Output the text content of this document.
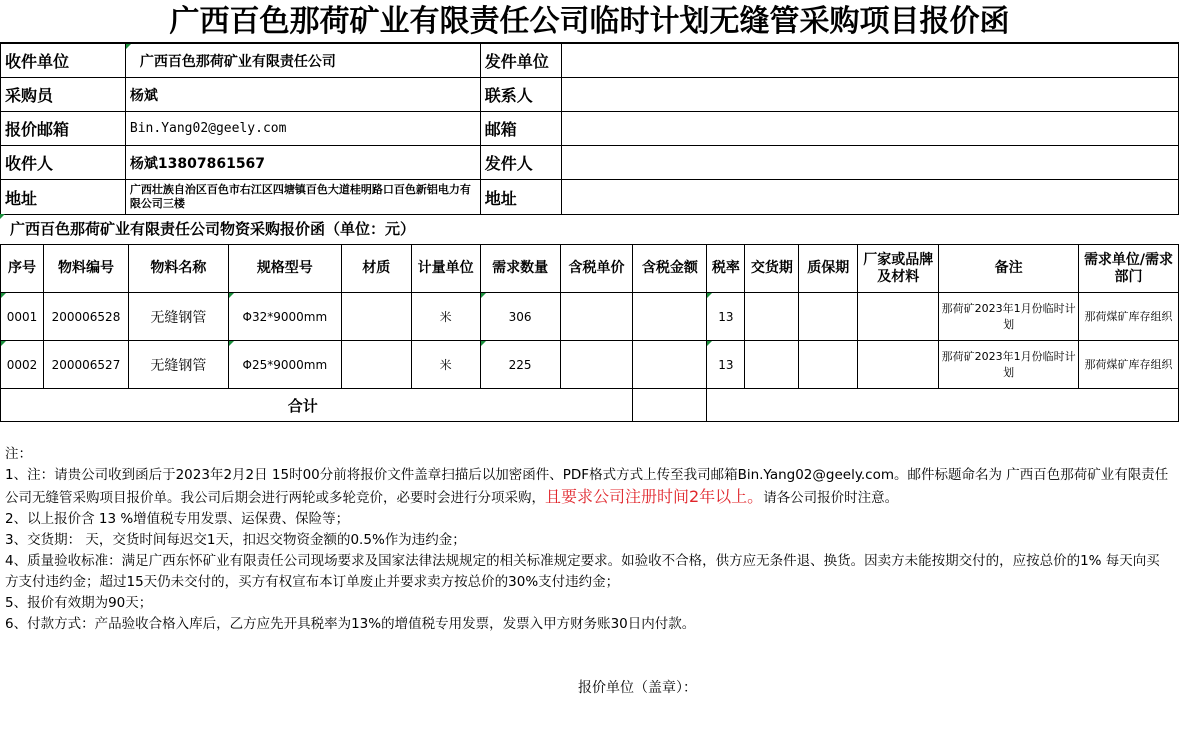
广西百色那荷矿业有限责任公司临时计划无缝管采购项目报价函
收件单位	广西百色那荷矿业有限责任公司	发件单位	
采购员	杨斌	联系人	
报价邮箱	Bin.Yang02@geely.com	邮箱	
收件人	杨斌13807861567	发件人	
地址	广西壮族自治区百色市右江区四塘镇百色大道桂明路口百色新铝电力有限公司三楼	地址	
广西百色那荷矿业有限责任公司物资采购报价函（单位：元）
序号	物料编号	物料名称	规格型号	材质	计量单位	需求数量	含税单价	含税金额	税率	交货期	质保期	厂家或品牌及材料	备注	需求单位/需求部门
0001	200006528	无缝钢管	Φ32*9000mm		米	306			13				那荷矿2023年1月份临时计划	那荷煤矿库存组织
0002	200006527	无缝钢管	Φ25*9000mm		米	225			13				那荷矿2023年1月份临时计划	那荷煤矿库存组织
合计														

注：

1、注：请贵公司收到函后于2023年2月2日 15时00分前将报价文件盖章扫描后以加密函件、PDF格式方式上传至我司邮箱Bin.Yang02@geely.com。邮件标题命名为 广西百色那荷矿业有限责任公司无缝管采购项目报价单。我公司后期会进行两轮或多轮竞价，必要时会进行分项采购，且要求公司注册时间2年以上。请各公司报价时注意。

2、以上报价含 13 %增值税专用发票、运保费、保险等；

3、交货期： 天，交货时间每迟交1天，扣迟交物资金额的0.5%作为违约金；

4、质量验收标准：满足广西东怀矿业有限责任公司现场要求及国家法律法规规定的相关标准规定要求。如验收不合格，供方应无条件退、换货。因卖方未能按期交付的，应按总价的1% 每天向买方支付违约金；超过15天仍未交付的，买方有权宣布本订单废止并要求卖方按总价的30%支付违约金；

5、报价有效期为90天；

6、付款方式：产品验收合格入库后，乙方应先开具税率为13%的增值税专用发票，发票入甲方财务账30日内付款。

报价单位（盖章）：
